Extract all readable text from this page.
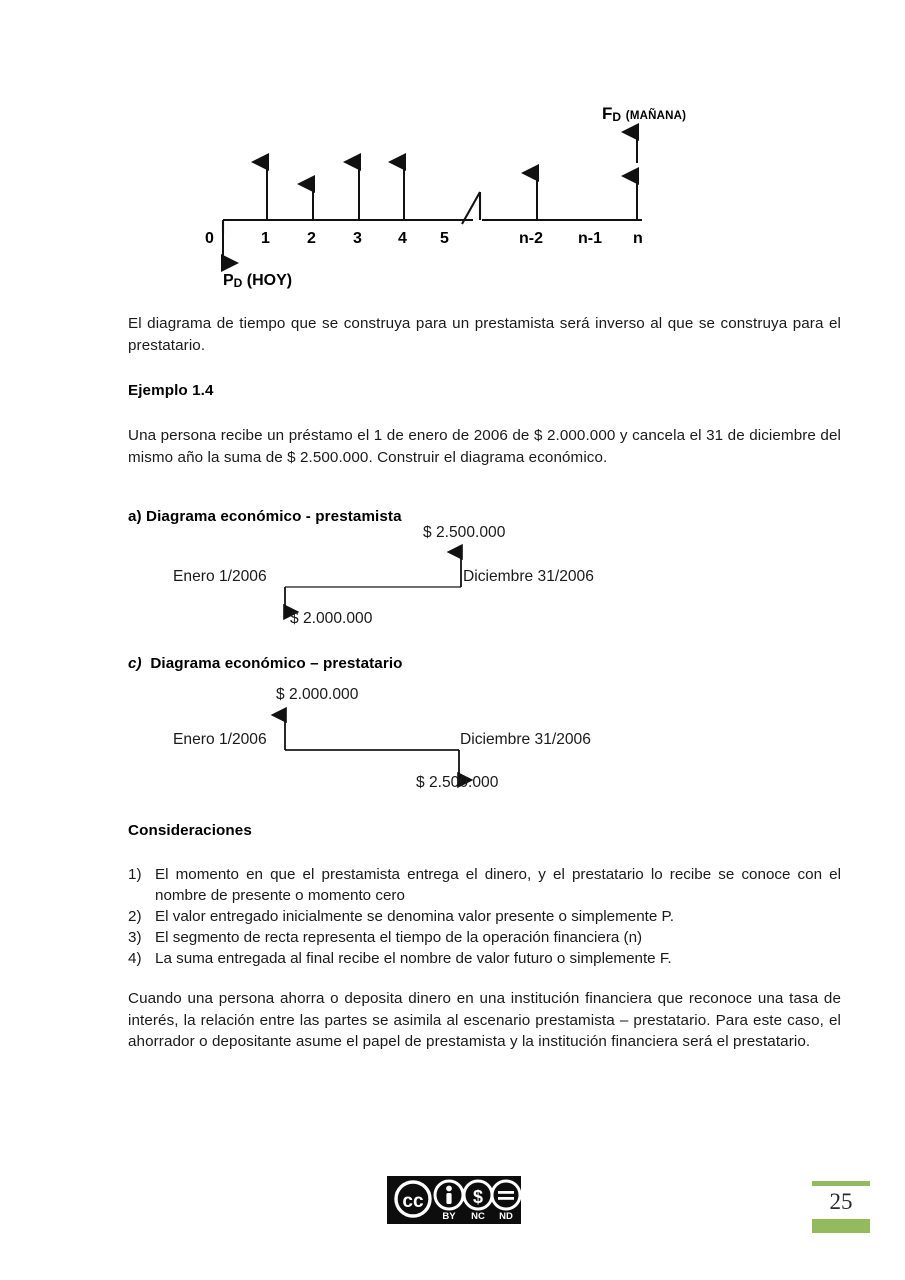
FD (MAÑANA)
0	1 2 3 4 5	n-2 n-1 n
PD (HOY)
El diagrama de tiempo que se construya para un prestamista será inverso al que se construya para el prestatario.
Ejemplo 1.4
Una persona recibe un préstamo el 1 de enero de 2006 de $ 2.000.000 y cancela el 31 de diciembre del mismo año la suma de $ 2.500.000. Construir el diagrama económico.
a) Diagrama económico - prestamista
$ 2.500.000
Enero 1/2006	Diciembre 31/2006
$ 2.000.000
c) Diagrama económico – prestatario
$ 2.000.000
Enero 1/2006	Diciembre 31/2006
$ 2.500.000
Consideraciones
1) El momento en que el prestamista entrega el dinero, y el prestatario lo recibe se conoce con el nombre de presente o momento cero
2) El valor entregado inicialmente se denomina valor presente o simplemente P.
3) El segmento de recta representa el tiempo de la operación financiera (n)
4) La suma entregada al final recibe el nombre de valor futuro o simplemente F.
Cuando una persona ahorra o deposita dinero en una institución financiera que reconoce una tasa de interés, la relación entre las partes se asimila al escenario prestamista – prestatario. Para este caso, el ahorrador o depositante asume el papel de prestamista y la institución financiera será el prestatario.
cc	$
BY NC ND
25
